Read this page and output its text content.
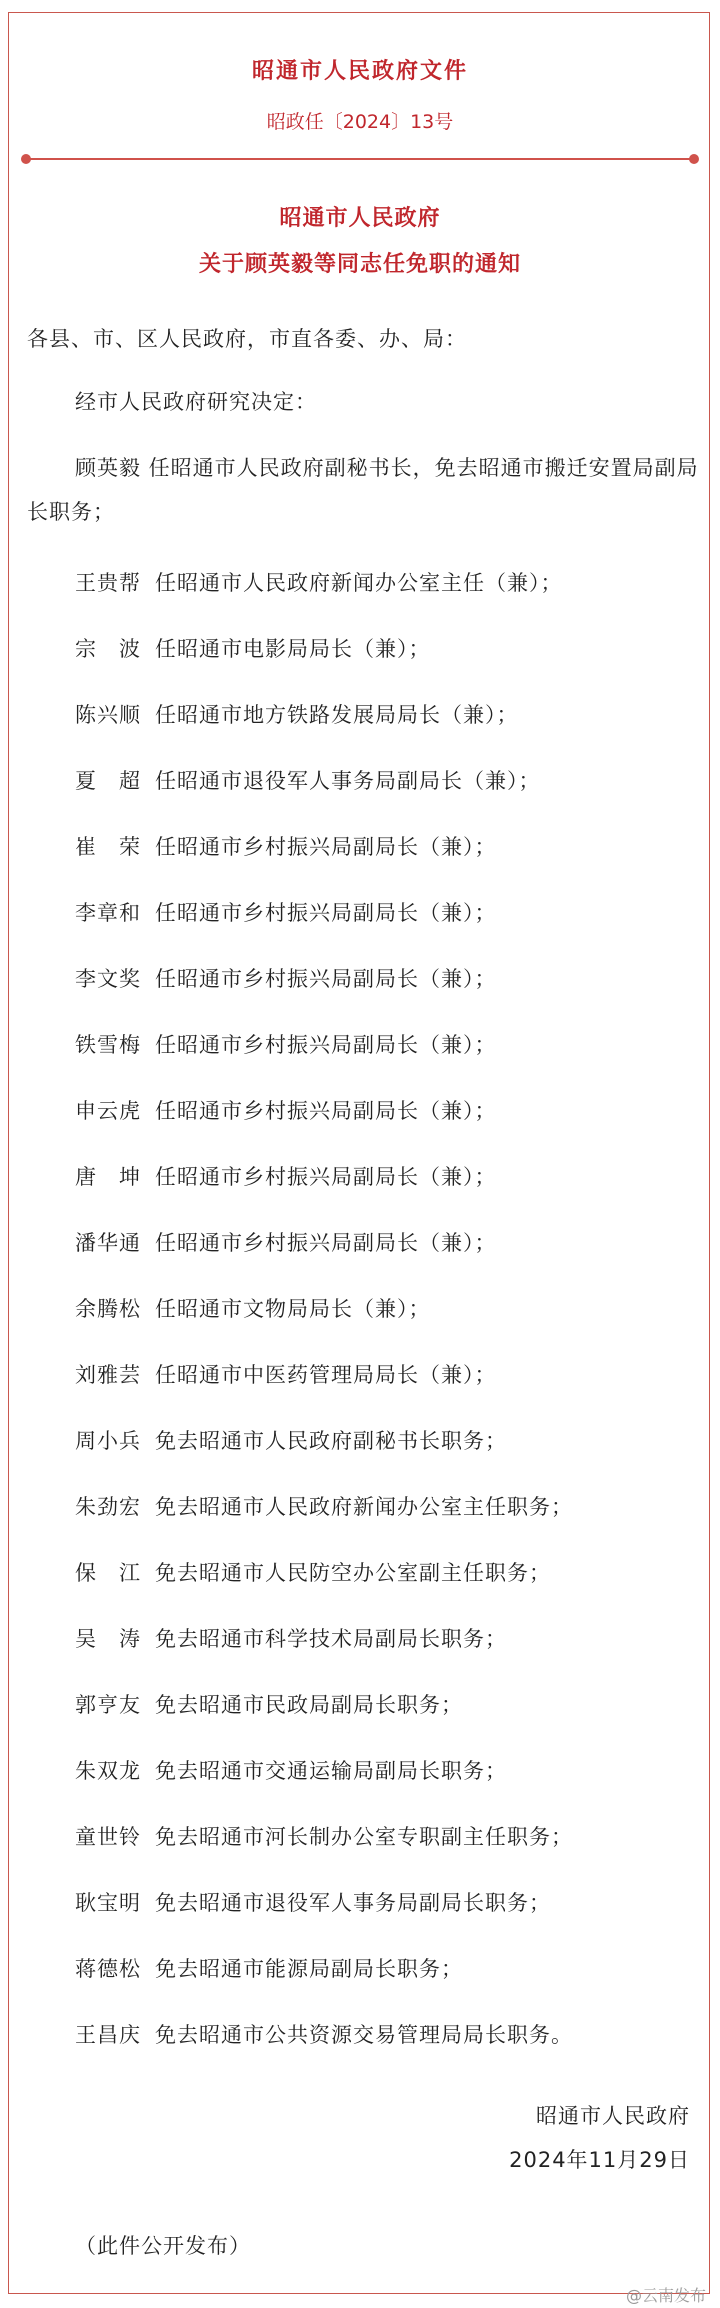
昭通市人民政府文件
昭政任〔2024〕13号
昭通市人民政府
关于顾英毅等同志任免职的通知
各县、市、区人民政府，市直各委、办、局：
经市人民政府研究决定：
顾英毅 任昭通市人民政府副秘书长，免去昭通市搬迁安置局副局长职务；
王贵帮 任昭通市人民政府新闻办公室主任（兼）；
宗　波 任昭通市电影局局长（兼）；
陈兴顺 任昭通市地方铁路发展局局长（兼）；
夏　超 任昭通市退役军人事务局副局长（兼）；
崔　荣 任昭通市乡村振兴局副局长（兼）；
李章和 任昭通市乡村振兴局副局长（兼）；
李文奖 任昭通市乡村振兴局副局长（兼）；
铁雪梅 任昭通市乡村振兴局副局长（兼）；
申云虎 任昭通市乡村振兴局副局长（兼）；
唐　坤 任昭通市乡村振兴局副局长（兼）；
潘华通 任昭通市乡村振兴局副局长（兼）；
余腾松 任昭通市文物局局长（兼）；
刘雅芸 任昭通市中医药管理局局长（兼）；
周小兵 免去昭通市人民政府副秘书长职务；
朱劲宏 免去昭通市人民政府新闻办公室主任职务；
保　江 免去昭通市人民防空办公室副主任职务；
吴　涛 免去昭通市科学技术局副局长职务；
郭亨友 免去昭通市民政局副局长职务；
朱双龙 免去昭通市交通运输局副局长职务；
童世铃 免去昭通市河长制办公室专职副主任职务；
耿宝明 免去昭通市退役军人事务局副局长职务；
蒋德松 免去昭通市能源局副局长职务；
王昌庆 免去昭通市公共资源交易管理局局长职务。
昭通市人民政府
2024年11月29日
（此件公开发布）
@云南发布
